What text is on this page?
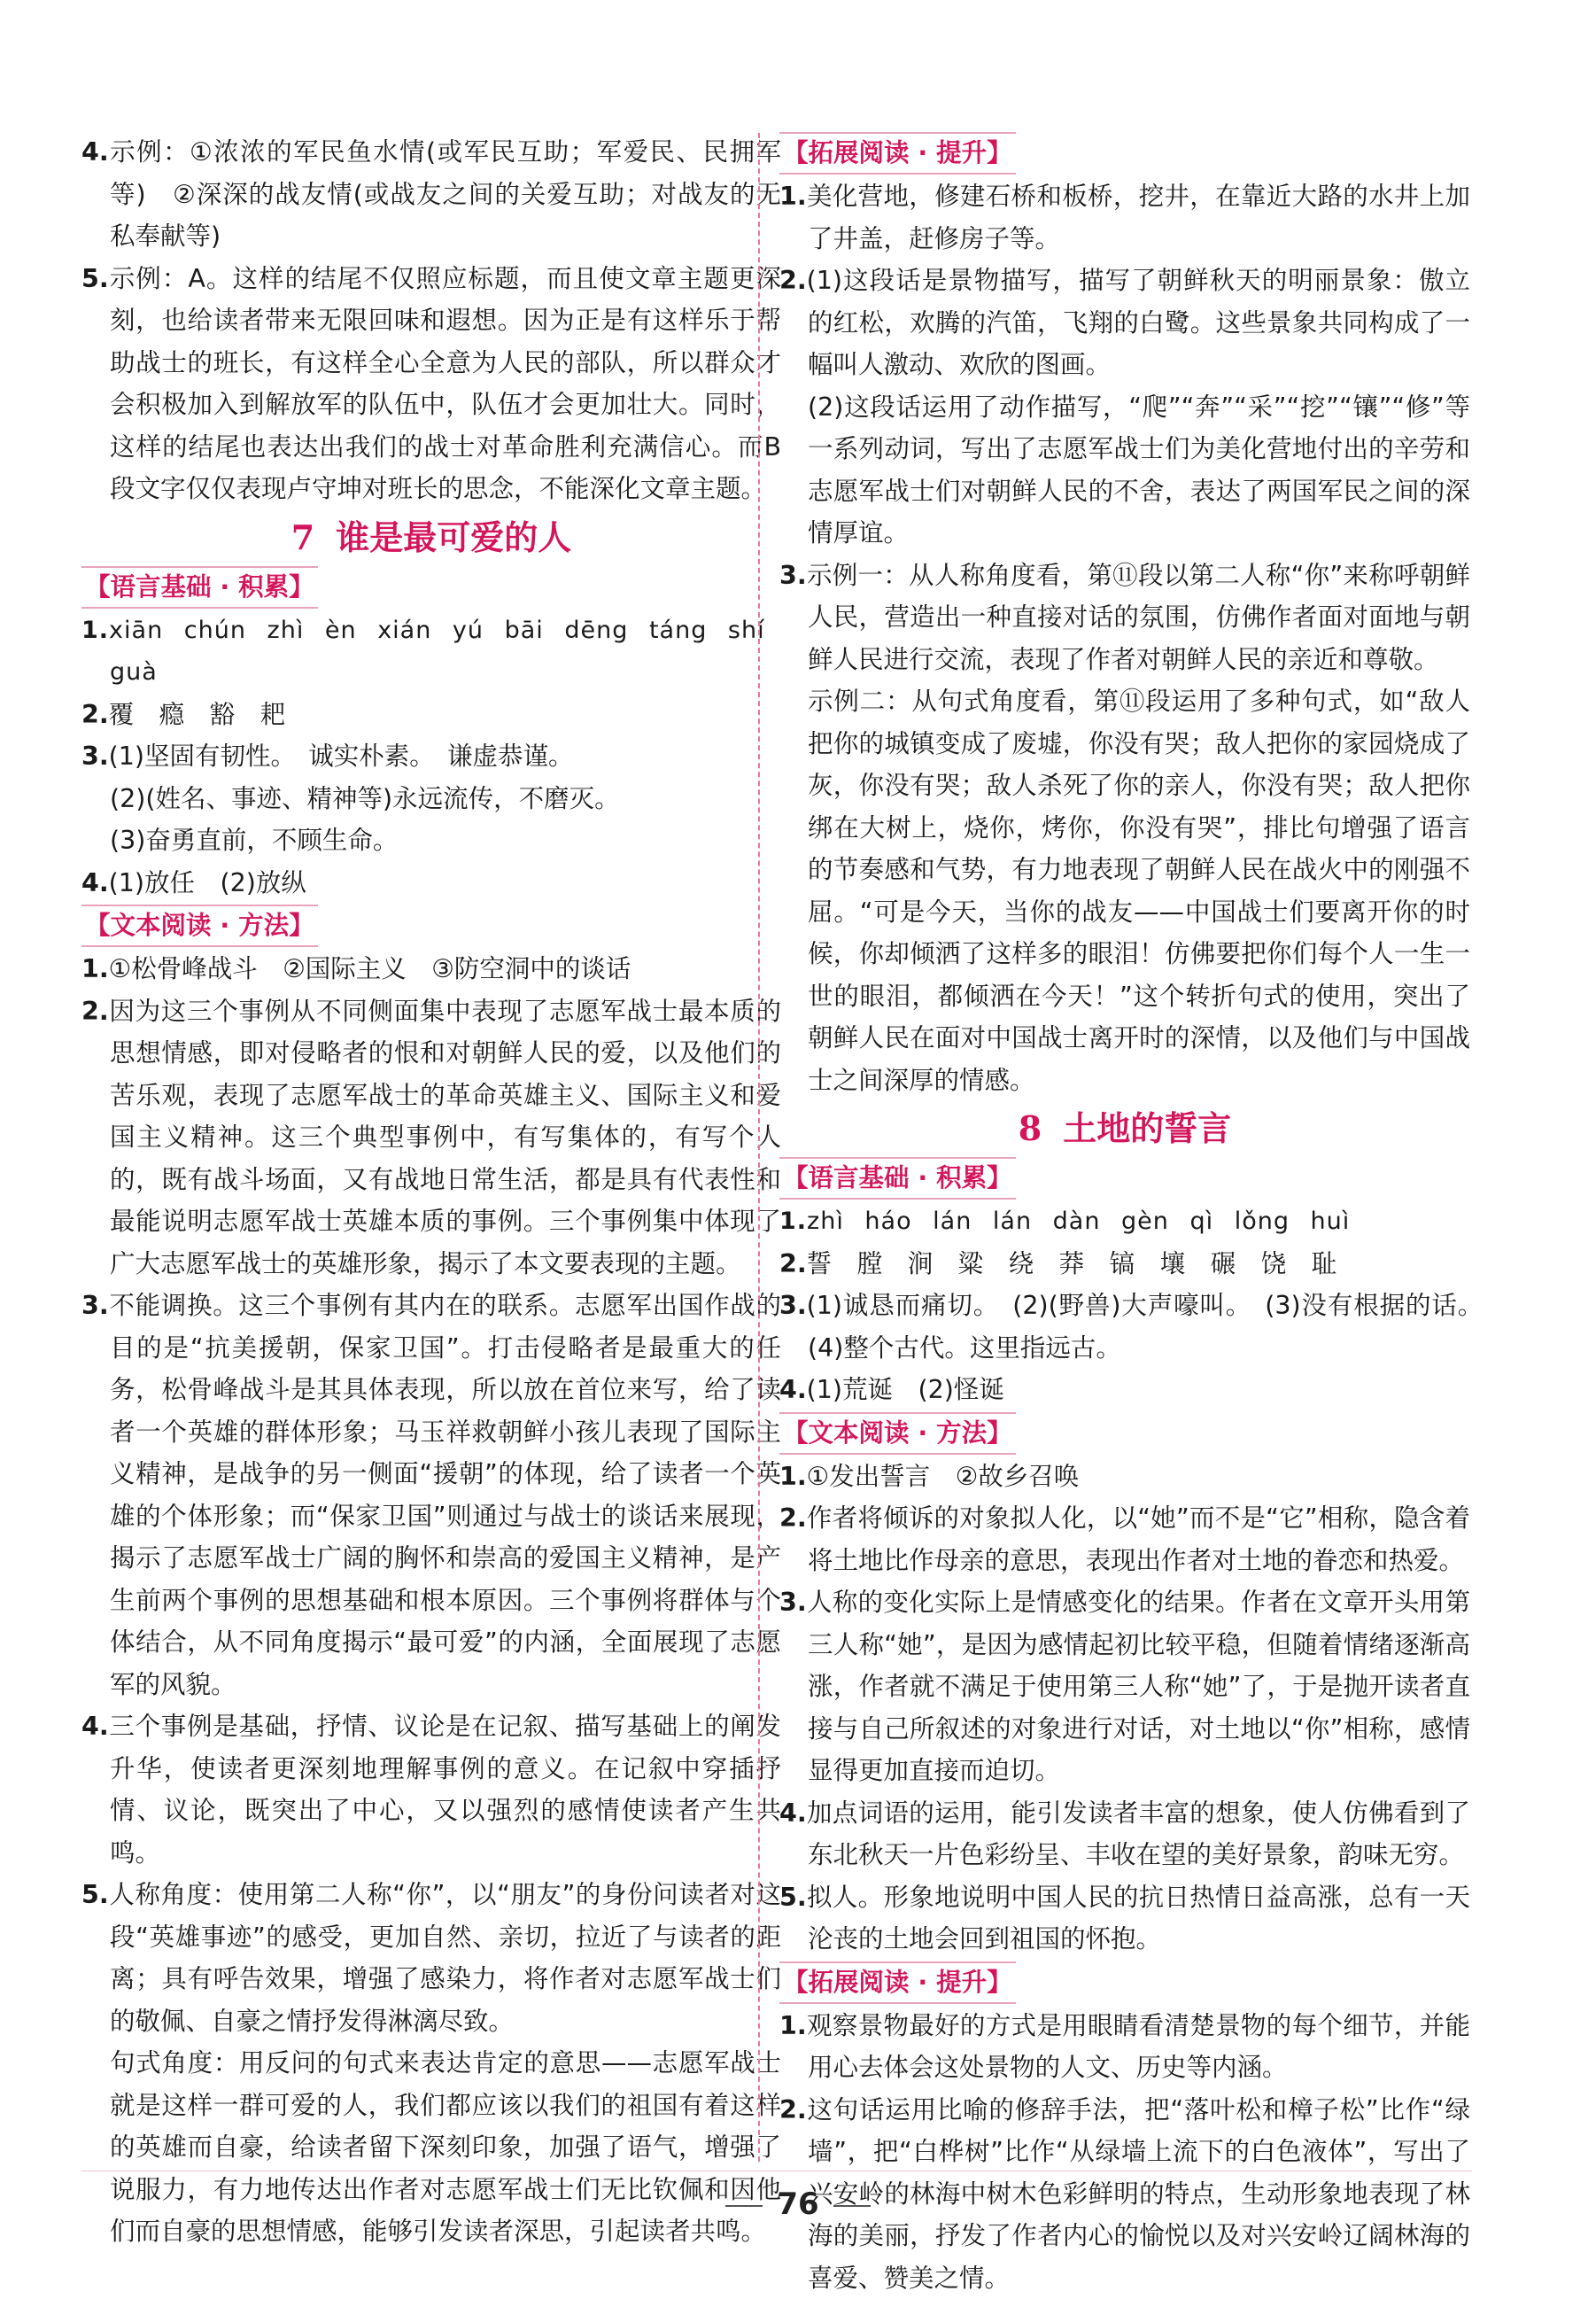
4.示例：①浓浓的军民鱼水情(或军民互助；军爱民、民拥军等)　②深深的战友情(或战友之间的关爱互助；对战友的无私奉献等)

5.示例：A。这样的结尾不仅照应标题，而且使文章主题更深刻，也给读者带来无限回味和遐想。因为正是有这样乐于帮助战士的班长，有这样全心全意为人民的部队，所以群众才会积极加入到解放军的队伍中，队伍才会更加壮大。同时，这样的结尾也表达出我们的战士对革命胜利充满信心。而B段文字仅仅表现卢守坤对班长的思念，不能深化文章主题。

7 谁是最可爱的人
【语言基础 · 积累】

1.xiān chún zhì èn xián yú bāi dēng táng shí guà

2.覆　瘾　豁　耙

3.(1)坚固有韧性。　诚实朴素。　谦虚恭谨。

(2)(姓名、事迹、精神等)永远流传，不磨灭。

(3)奋勇直前，不顾生命。

4.(1)放任　(2)放纵

【文本阅读 · 方法】

1.①松骨峰战斗　②国际主义　③防空洞中的谈话

2.因为这三个事例从不同侧面集中表现了志愿军战士最本质的思想情感，即对侵略者的恨和对朝鲜人民的爱，以及他们的苦乐观，表现了志愿军战士的革命英雄主义、国际主义和爱国主义精神。这三个典型事例中，有写集体的，有写个人的，既有战斗场面，又有战地日常生活，都是具有代表性和最能说明志愿军战士英雄本质的事例。三个事例集中体现了广大志愿军战士的英雄形象，揭示了本文要表现的主题。

3.不能调换。这三个事例有其内在的联系。志愿军出国作战的目的是“抗美援朝，保家卫国”。打击侵略者是最重大的任务，松骨峰战斗是其具体表现，所以放在首位来写，给了读者一个英雄的群体形象；马玉祥救朝鲜小孩儿表现了国际主义精神，是战争的另一侧面“援朝”的体现，给了读者一个英雄的个体形象；而“保家卫国”则通过与战士的谈话来展现，揭示了志愿军战士广阔的胸怀和崇高的爱国主义精神，是产生前两个事例的思想基础和根本原因。三个事例将群体与个体结合，从不同角度揭示“最可爱”的内涵，全面展现了志愿军的风貌。

4.三个事例是基础，抒情、议论是在记叙、描写基础上的阐发升华，使读者更深刻地理解事例的意义。在记叙中穿插抒情、议论，既突出了中心，又以强烈的感情使读者产生共鸣。

5.人称角度：使用第二人称“你”，以“朋友”的身份问读者对这段“英雄事迹”的感受，更加自然、亲切，拉近了与读者的距离；具有呼告效果，增强了感染力，将作者对志愿军战士们的敬佩、自豪之情抒发得淋漓尽致。

句式角度：用反问的句式来表达肯定的意思——志愿军战士就是这样一群可爱的人，我们都应该以我们的祖国有着这样的英雄而自豪，给读者留下深刻印象，加强了语气，增强了说服力，有力地传达出作者对志愿军战士们无比钦佩和因他们而自豪的思想情感，能够引发读者深思，引起读者共鸣。

【拓展阅读 · 提升】

1.美化营地，修建石桥和板桥，挖井，在靠近大路的水井上加了井盖，赶修房子等。

2.(1)这段话是景物描写，描写了朝鲜秋天的明丽景象：傲立的红松，欢腾的汽笛，飞翔的白鹭。这些景象共同构成了一幅叫人激动、欢欣的图画。

(2)这段话运用了动作描写，“爬”“奔”“采”“挖”“镶”“修”等一系列动词，写出了志愿军战士们为美化营地付出的辛劳和志愿军战士们对朝鲜人民的不舍，表达了两国军民之间的深情厚谊。

3.示例一：从人称角度看，第⑪段以第二人称“你”来称呼朝鲜人民，营造出一种直接对话的氛围，仿佛作者面对面地与朝鲜人民进行交流，表现了作者对朝鲜人民的亲近和尊敬。

示例二：从句式角度看，第⑪段运用了多种句式，如“敌人把你的城镇变成了废墟，你没有哭；敌人把你的家园烧成了灰，你没有哭；敌人杀死了你的亲人，你没有哭；敌人把你绑在大树上，烧你，烤你，你没有哭”，排比句增强了语言的节奏感和气势，有力地表现了朝鲜人民在战火中的刚强不屈。“可是今天，当你的战友——中国战士们要离开你的时候，你却倾洒了这样多的眼泪！仿佛要把你们每个人一生一世的眼泪，都倾洒在今天！”这个转折句式的使用，突出了朝鲜人民在面对中国战士离开时的深情，以及他们与中国战士之间深厚的情感。

8 土地的誓言
【语言基础 · 积累】

1.zhì háo lán lán dàn gèn qì lǒng huì

2.誓　膛　涧　粱　绕　莽　镐　壤　碾　饶　耻

3.(1)诚恳而痛切。　(2)(野兽)大声嚎叫。　(3)没有根据的话。　(4)整个古代。这里指远古。

4.(1)荒诞　(2)怪诞

【文本阅读 · 方法】

1.①发出誓言　②故乡召唤

2.作者将倾诉的对象拟人化，以“她”而不是“它”相称，隐含着将土地比作母亲的意思，表现出作者对土地的眷恋和热爱。

3.人称的变化实际上是情感变化的结果。作者在文章开头用第三人称“她”，是因为感情起初比较平稳，但随着情绪逐渐高涨，作者就不满足于使用第三人称“她”了，于是抛开读者直接与自己所叙述的对象进行对话，对土地以“你”相称，感情显得更加直接而迫切。

4.加点词语的运用，能引发读者丰富的想象，使人仿佛看到了东北秋天一片色彩纷呈、丰收在望的美好景象，韵味无穷。

5.拟人。形象地说明中国人民的抗日热情日益高涨，总有一天沦丧的土地会回到祖国的怀抱。

【拓展阅读 · 提升】

1.观察景物最好的方式是用眼睛看清楚景物的每个细节，并能用心去体会这处景物的人文、历史等内涵。

2.这句话运用比喻的修辞手法，把“落叶松和樟子松”比作“绿墙”，把“白桦树”比作“从绿墙上流下的白色液体”，写出了兴安岭的林海中树木色彩鲜明的特点，生动形象地表现了林海的美丽，抒发了作者内心的愉悦以及对兴安岭辽阔林海的喜爱、赞美之情。

76
